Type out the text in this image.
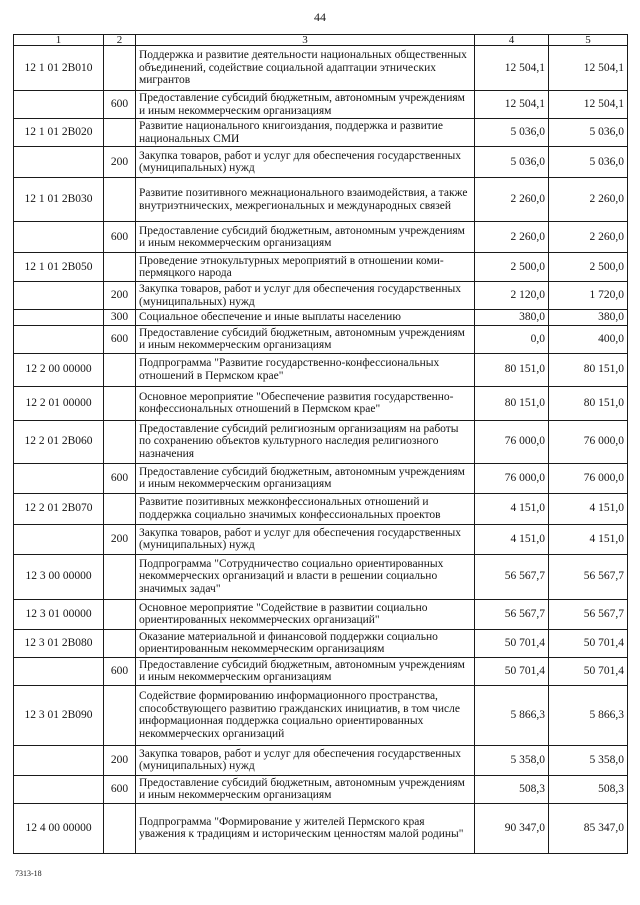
44
1	2	3	4	5
12 1 01 2В010		Поддержка и развитие деятельности национальных общественных объединений, содействие социальной адаптации этнических мигрантов	12 504,1	12 504,1
	600	Предоставление субсидий бюджетным, автономным учреждениям и иным некоммерческим организациям	12 504,1	12 504,1
12 1 01 2В020		Развитие национального книгоиздания, поддержка и развитие национальных СМИ	5 036,0	5 036,0
	200	Закупка товаров, работ и услуг для обеспечения государственных (муниципальных) нужд	5 036,0	5 036,0
12 1 01 2В030		Развитие позитивного межнационального взаимодействия, а также внутриэтнических, межрегиональных и международных связей	2 260,0	2 260,0
	600	Предоставление субсидий бюджетным, автономным учреждениям и иным некоммерческим организациям	2 260,0	2 260,0
12 1 01 2В050		Проведение этнокультурных мероприятий в отношении коми-пермяцкого народа	2 500,0	2 500,0
	200	Закупка товаров, работ и услуг для обеспечения государственных (муниципальных) нужд	2 120,0	1 720,0
	300	Социальное обеспечение и иные выплаты населению	380,0	380,0
	600	Предоставление субсидий бюджетным, автономным учреждениям и иным некоммерческим организациям	0,0	400,0
12 2 00 00000		Подпрограмма "Развитие государственно-конфессиональных отношений в Пермском крае"	80 151,0	80 151,0
12 2 01 00000		Основное мероприятие "Обеспечение развития государственно-конфессиональных отношений в Пермском крае"	80 151,0	80 151,0
12 2 01 2В060		Предоставление субсидий религиозным организациям на работы по сохранению объектов культурного наследия религиозного назначения	76 000,0	76 000,0
	600	Предоставление субсидий бюджетным, автономным учреждениям и иным некоммерческим организациям	76 000,0	76 000,0
12 2 01 2В070		Развитие позитивных межконфессиональных отношений и поддержка социально значимых конфессиональных проектов	4 151,0	4 151,0
	200	Закупка товаров, работ и услуг для обеспечения государственных (муниципальных) нужд	4 151,0	4 151,0
12 3 00 00000		Подпрограмма "Сотрудничество социально ориентированных некоммерческих организаций и власти в решении социально значимых задач"	56 567,7	56 567,7
12 3 01 00000		Основное мероприятие "Содействие в развитии социально ориентированных некоммерческих организаций"	56 567,7	56 567,7
12 3 01 2В080		Оказание материальной и финансовой поддержки социально ориентированным некоммерческим организациям	50 701,4	50 701,4
	600	Предоставление субсидий бюджетным, автономным учреждениям и иным некоммерческим организациям	50 701,4	50 701,4
12 3 01 2В090		Содействие формированию информационного пространства, способствующего развитию гражданских инициатив, в том числе информационная поддержка социально ориентированных некоммерческих организаций	5 866,3	5 866,3
	200	Закупка товаров, работ и услуг для обеспечения государственных (муниципальных) нужд	5 358,0	5 358,0
	600	Предоставление субсидий бюджетным, автономным учреждениям и иным некоммерческим организациям	508,3	508,3
12 4 00 00000		Подпрограмма "Формирование у жителей Пермского края уважения к традициям и историческим ценностям малой родины"	90 347,0	85 347,0
7313-18
